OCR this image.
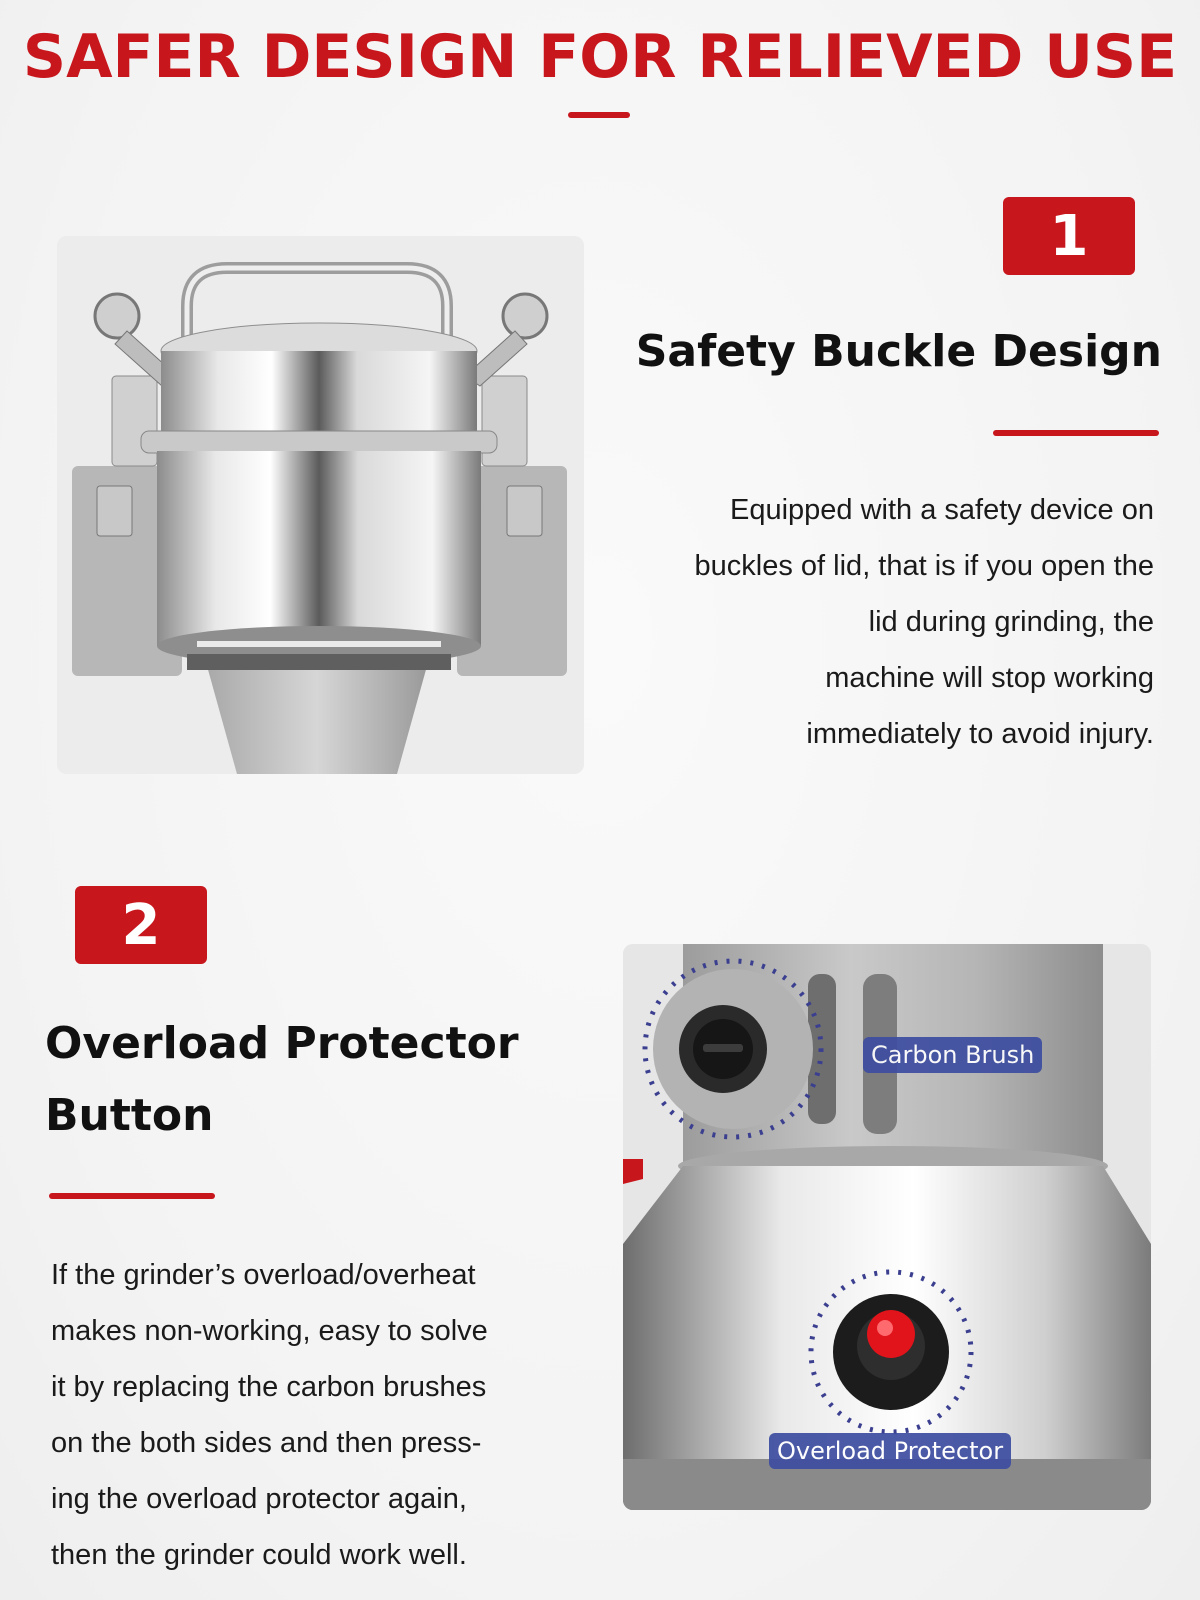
SAFER DESIGN FOR RELIEVED USE
1
Safety Buckle Design
Equipped with a safety device on
buckles of lid, that is if you open the
lid during grinding, the
machine will stop working
immediately to avoid injury.
2
Overload Protector
Button
If the grinder’s overload/overheat
makes non-working, easy to solve
it by replacing the carbon brushes
on the both sides and then press-
ing the overload protector again,
then the grinder could work well.
Carbon Brush
Overload Protector
